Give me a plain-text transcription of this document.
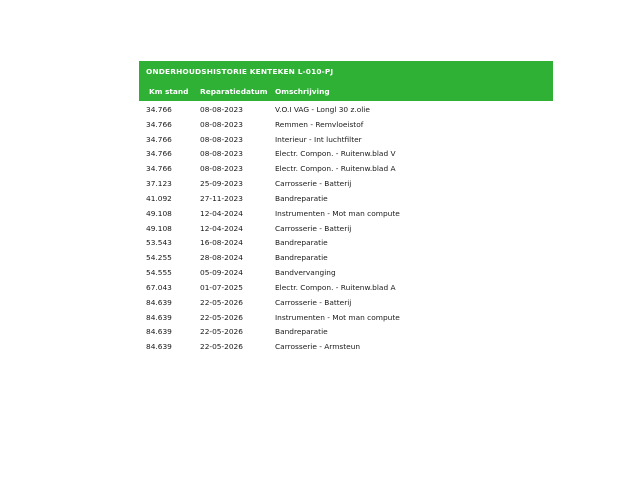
ONDERHOUDSHISTORIE KENTEKEN L-010-PJ
Km stand	Reparatiedatum	Omschrijving
34.766	08-08-2023	V.O.I VAG - Longl 30 z.olie
34.766	08-08-2023	Remmen - Remvloeistof
34.766	08-08-2023	Interieur - Int luchtfilter
34.766	08-08-2023	Electr. Compon. - Ruitenw.blad V
34.766	08-08-2023	Electr. Compon. - Ruitenw.blad A
37.123	25-09-2023	Carrosserie - Batterij
41.092	27-11-2023	Bandreparatie
49.108	12-04-2024	Instrumenten - Mot man compute
49.108	12-04-2024	Carrosserie - Batterij
53.543	16-08-2024	Bandreparatie
54.255	28-08-2024	Bandreparatie
54.555	05-09-2024	Bandvervanging
67.043	01-07-2025	Electr. Compon. - Ruitenw.blad A
84.639	22-05-2026	Carrosserie - Batterij
84.639	22-05-2026	Instrumenten - Mot man compute
84.639	22-05-2026	Bandreparatie
84.639	22-05-2026	Carrosserie - Armsteun
